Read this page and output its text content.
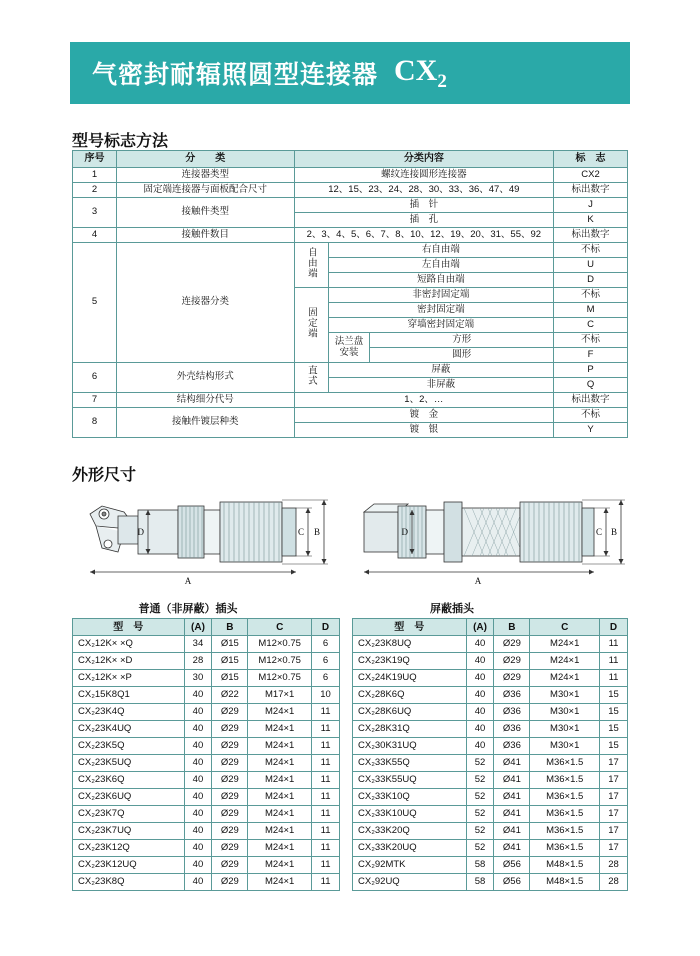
气密封耐辐照圆型连接器 $CX_2$
型号标志方法
序号	分　　类	分类内容			标　志
1	连接器类型	螺纹连接圆形连接器			CX2
2	固定端连接器与面板配合尺寸	12、15、23、24、28、30、33、36、47、49			标出数字
3	接触件类型	插　针			J
		插　孔			K
4	接触件数目	2、3、4、5、6、7、8、10、12、19、20、31、55、92			标出数字
5	连接器分类	自由端	右自由端		不标
			左自由端		U
			短路自由端		D
		固定端	非密封固定端		不标
			密封固定端		M
			穿墙密封固定端		C
			法兰盘安装	方形	不标
				圆形	F
6	外壳结构形式	直式	屏蔽		P
			非屏蔽		Q
7	结构细分代号	1、2、…			标出数字
8	接触件镀层种类	镀　金			不标
		镀　银			Y
外形尺寸
A
D	C B
A
D	C B
普通（非屏蔽）插头	屏蔽插头
型　号	(A)	B	C	D
CX₂12K× ×Q	34	Ø15	M12×0.75	6
CX₂12K× ×D	28	Ø15	M12×0.75	6
CX₂12K× ×P	30	Ø15	M12×0.75	6
CX₂15K8Q1	40	Ø22	M17×1	10
CX₂23K4Q	40	Ø29	M24×1	11
CX₂23K4UQ	40	Ø29	M24×1	11
CX₂23K5Q	40	Ø29	M24×1	11
CX₂23K5UQ	40	Ø29	M24×1	11
CX₂23K6Q	40	Ø29	M24×1	11
CX₂23K6UQ	40	Ø29	M24×1	11
CX₂23K7Q	40	Ø29	M24×1	11
CX₂23K7UQ	40	Ø29	M24×1	11
CX₂23K12Q	40	Ø29	M24×1	11
CX₂23K12UQ	40	Ø29	M24×1	11
CX₂23K8Q	40	Ø29	M24×1	11
型　号	(A)	B	C	D
CX₂23K8UQ	40	Ø29	M24×1	11
CX₂23K19Q	40	Ø29	M24×1	11
CX₂24K19UQ	40	Ø29	M24×1	11
CX₂28K6Q	40	Ø36	M30×1	15
CX₂28K6UQ	40	Ø36	M30×1	15
CX₂28K31Q	40	Ø36	M30×1	15
CX₂30K31UQ	40	Ø36	M30×1	15
CX₂33K55Q	52	Ø41	M36×1.5	17
CX₂33K55UQ	52	Ø41	M36×1.5	17
CX₂33K10Q	52	Ø41	M36×1.5	17
CX₂33K10UQ	52	Ø41	M36×1.5	17
CX₂33K20Q	52	Ø41	M36×1.5	17
CX₂33K20UQ	52	Ø41	M36×1.5	17
CX₂92MTK	58	Ø56	M48×1.5	28
CX₂92UQ	58	Ø56	M48×1.5	28
